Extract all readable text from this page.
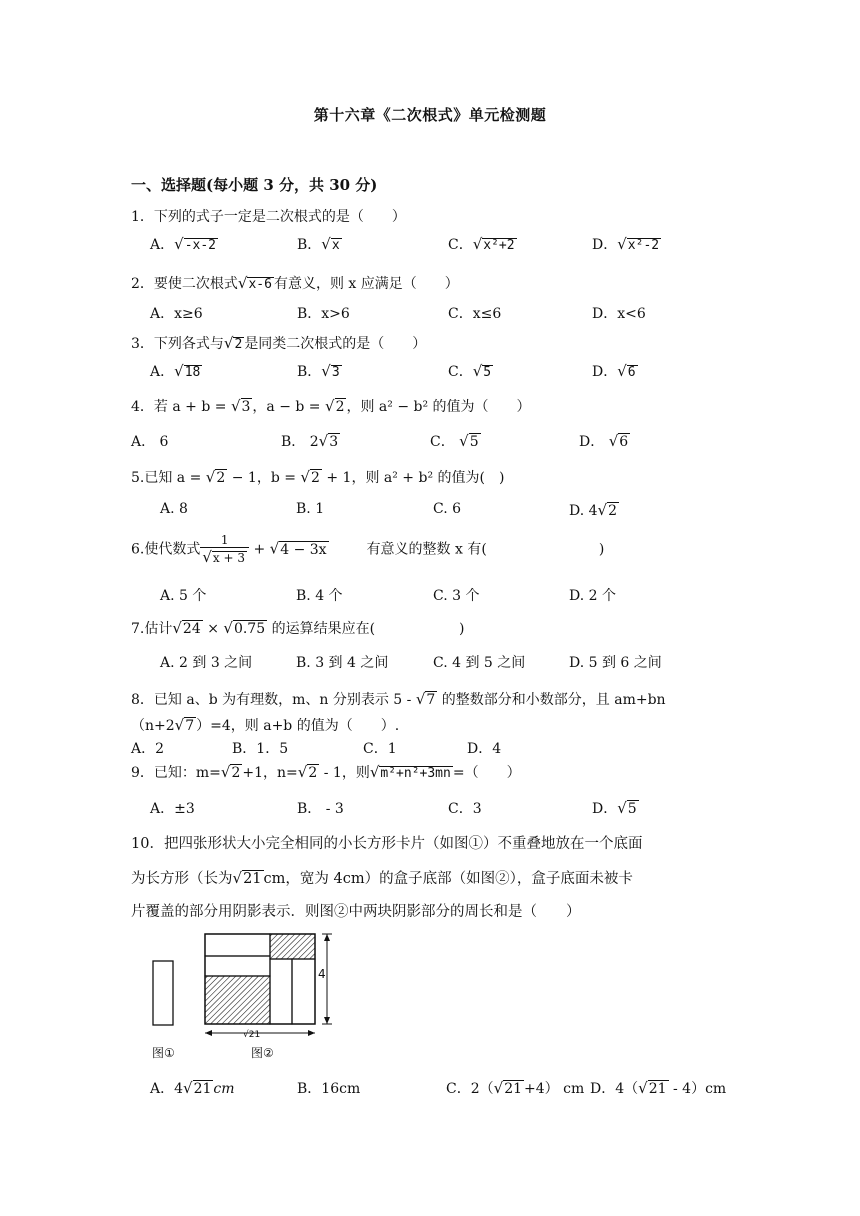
第十六章《二次根式》单元检测题
一、选择题(每小题 3 分，共 30 分)
1．下列的式子一定是二次根式的是（　　）
A．√-x-2	B．√x	C．√x²+2	D．√x²-2
2．要使二次根式√x-6 有意义，则 x 应满足（　　）
A．x≥6	B．x>6	C．x≤6	D．x<6
3．下列各式与√2 是同类二次根式的是（　　）
A．√18	B．√3	C．√5	D．√6
4．若 a + b = √3 ，a − b = √2 ，则 a² − b² 的值为（　　）
A． 6	B． 2√3	C． √5	D． √6
5.已知 a = √2 − 1，b = √2 + 1，则 a² + b² 的值为(　)
A. 8	B. 1	C. 6	D. 4√2
6.使代数式 $\frac{1}{√x + 3} + √4 - 3x$	有意义的整数 x 有(　　　　　　　　)
A. 5 个	B. 4 个	C. 3 个	D. 2 个
7.估计√24 × √0.75 的运算结果应在(　　　　　　)
A. 2 到 3 之间	B. 3 到 4 之间	C. 4 到 5 之间	D. 5 到 6 之间
8．已知 a、b 为有理数，m、n 分别表示 5 - √7 的整数部分和小数部分，且 am+bn
（n+2√7 ）=4，则 a+b 的值为（　　）.
A．2	B．1．5	C．1	D．4
9．已知：m=√2 +1，n=√2 - 1，则√m²+n²+3mn =（　　）
A．±3	B． - 3	C．3	D．√5
10．把四张形状大小完全相同的小长方形卡片（如图①）不重叠地放在一个底面
为长方形（长为√21 cm，宽为 4cm）的盒子底部（如图②），盒子底面未被卡
片覆盖的部分用阴影表示．则图②中两块阴影部分的周长和是（　　）
图①
4
√21
图②
A．4√21 cm	B．16cm	C．2（√21 +4） cm D．4（√21 - 4）cm
